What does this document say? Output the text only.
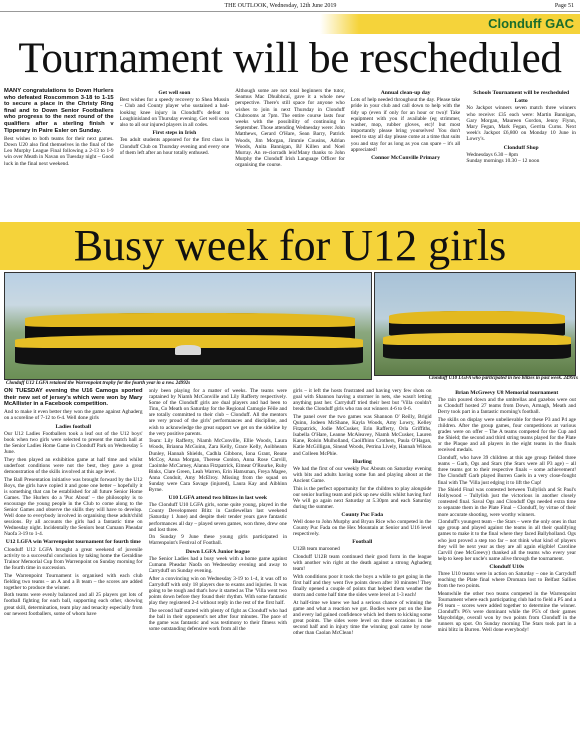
THE OUTLOOK, Wednesday, 12th June 2019	Page 51
Clonduff GAC
Tournament will be rescheduled

MANY congratulations to Down Hurlers who defeated Roscommon 3-18 to 1-15 to secure a place in the Christy Ring final and to Down Senior Footballers who progress to the next round of the qualifiers after a sterling finish v Tipperary in Paire Esler on Sunday.

Best wishes to both teams for their next games. Down U20 also find themselves in the final of the Leo Murphy League Final following a 2-13 to 1-9 win over Meath in Navan on Tuesday night – Good luck in the final next weekend.

Get well soon

Best wishes for a speedy recovery to Shea Mussin – Club and County player who sustained a bad-looking knee injury in Clonduff's defeat to Loughinisland on Thursday evening. Get well soon also to all our injured players in all codes.

First steps in Irish

Ten adult students appeared for the first class in Clonduff Club on Thursday evening and every one of them left after an hour totally enthused.

Although some are not total beginners the tutor, Seamus Mac Dhuibhcaí, gave it a whole new perspective. There's still space for anyone who wishes to join in next Thursday in Clonduff Clubrooms at 7pm. The entire course lasts four weeks with the possibility of continuing in September. Those attending Wednesday were: John Matthews, Gerard O'Hare, Sean Barry, Patrick Woods, Jim Morgan, Jimmie Cousins, Adrian Woods, Anita Bannigan, BJ Killen and Noel Murray. An re-ciorradh leis!Many thanks to John Murphy the Clonduff Irish Language Officer for organising the course.

Annual clean-up day

Lots of help needed throughout the day. Please take pride in your club and call down to help with the tidy up (even if only for an hour or two)! Take equipment with you if available (eg strimmer, washer, mop, rubber gloves, etc)! but most importantly please bring yourselves! You don't need to stay all day please come at a time that suits you and stay for as long as you can spare – it's all appreciated!

Connor McConville Primary
Schools Tournament will be rescheduled
Lotto

No Jackpot winners seven match three winners who receive: £35 each were: Martin Bannigan, Gary Morgan, Maureen Gordon, Jenny Flynn, Mary Fegan, Mark Fegan, Gerrita Curns. Next week's Jackpot £6,800 on Monday 10 June in Lowry's.

Clonduff Shop

Wednesdays 6.30 – 8pm
Sunday mornings 10.30 – 12 noon

Busy week for U12 girls
Clonduff U10 LGFA who participated in two blitzes in past week. 24991s
Clonduff U12 LGFA retained the Warrenpoint trophy for the fourth year in a row. 24992s

ON TUESDAY evening the U16 Camogs sported their new set of jersey's which were won by Mary McAllister in a Facebook competition.

And to make it even better they won the game against Aghaderg on a scoreline of 7-12 to 6-4. Well done girls

Ladies football

Our U12 Ladies Footballers took a leaf out of the U12 boys' book when two girls were selected to present the match ball at the Senior Ladies Home Game in Clonduff Park on Wednesday 5 June.

They then played an exhibition game at half time and whilst underfoot conditions were not the best, they gave a great demonstration of the skills involved at this age level.

The Ball Presentation initiative was brought forward by the U12 Boys, the girls have copied it and gone one better – hopefully it is something that can be established for all future Senior Home Games. The Hurlers do a 'Puc About' – the philosophy is to encourage the young people in the Club to come along to the Senior Games and observe the skills they will have to develop. Well done to everybody involved in organising these adult/child sessions. By all accounts the girls had a fantastic time on Wednesday night. Incidentally the Seniors beat Cumann Pheadar Naofa 3-19 to 1-4.

U12 LGFA win Warrenpoint tournament for fourth time

Clonduff U12 LGFA brought a great weekend of juvenile activity to a successful conclusion by taking home the Geraldine Trainor Memorial Cup from Warrenpoint on Sunday morning for the fourth time in succession.

The Warrenpoint Tournament is organised with each club fielding two teams – an A and a B team – the scores are added together to produce the winner.

Both teams were evenly balanced and all 25 players got lots of football fighting for each ball, supporting each other, showing great skill, determination, team play and tenacity especially from our newest footballers, some of whom have

only been playing for a matter of weeks. The teams were captained by Niamh McConville and Lily Rafferty respectively. Some of the Clonduff girls are dual players and had been to Tinn, Co Meath on Saturday for the Regional Camogie Féile and are totally committed to their club – Clonduff. All the mentors are very proud of the girls' performances and discipline, and wish to acknowledge the great support we get on the sideline by the very positive parents.

Team: Lily Rafferty, Niamh McConville, Ellie Woods, Laura Woods, Brianna McGuinn, Zara Kelly, Grace Kelly, Aoibheann Dunley, Hannah Shields, Cadhla Gibbons, Iona Grant, Reane McCoy, Anna Morgan, Therese Conlon, Anna Rose Carvill, Caoimhe McCarney, Alanna Fitzpatrick, Eimear O'Rourke, Ruby Binks, Clare Green, Leah Warren, Erin Hamsman, Freya Magee, Anna Conduit, Amy McElroy. Missing from the squad on Sunday were Cara Savage (injured), Laura Kay and Aibhinn Byrne.

U10 LGFA attend two blitzes in last week

The Clonduff U10 LGFA girls, some quite young, played in the County Development Blitz in Castlewellan last weekend (Saturday 1 June) and despite their tender years gave fantastic performances all day – played seven games, won three, drew one and lost three.

On Sunday 9 June these young girls participated in Warrenpoint's Festival of Football.

Down LGFA Junior league

The Senior Ladies had a busy week with a home game against Cumann Pheadar Naofa on Wednesday evening and away to Carryduff on Sunday evening.

After a convincing win on Wednesday 3-19 to 1-4, it was off to Carryduff with only 18 players due to exams and injuries. It was going to be tough and that's how it started as The 'Villa went two points down before they found their rhythm. With some fantastic play they registered 2-4 without reply in the rest of the first half.

The second half started with plenty of fight as Clonduff who had the ball in their opponent's net after four minutes. The pace of the game was fantastic and was testimony to their fitness with some outstanding defensive work from all the

girls – it left the hosts frustrated and having very few shots on goal with Shannon having a stormer in nets, she wasn't letting anything past her. Carryduff tried their best but 'Villa couldn't break the Clonduff girls who ran out winners 4-6 to 0-6.

The panel over the two games was Shannon O' Reilly, Brigid Quinn, Jodeen McShane, Kayla Woods, Amy Lowry, Kelley Fitzpatrick, Jodie McCusker, Erin Rafferty, Orla Griffiths, Isabella O'Hare, Leanne McAleavey, Niamh McCusker, Lauren Kane, Roisin Mulholland, Caoilfhinn Crothers, Paula O'Hagan, Katie McGilligan, Sinead Woods, Petrina Lively, Hannah Wilson and Colleen McPhie.

Hurling

We had the first of our weekly Puc Abouts on Saturday evening with bits and adults having some fun and playing about at the Ancient Game.

This is the perfect opportunity for the children to play alongside our senior hurling team and pick up new skills whilst having fun! We will go again next Saturday at 5.30pm and each Saturday during the summer.

County Puc Fada

Well done to John Murphy and Bryan Rice who competed in the County Puc Fada on the Hex Mountain at Senior and U16 level respectively.

Football

U12B team marooned

Clonduff U12B team continued their good form in the league with another win right at the death against a strong Aghaderg team!

With conditions poor it took the boys a while to get going in the first half and they went five points down after 10 minutes! They finally opened a couple of points that helped them weather the storm and come half time the sides were level at 1-3 each!

At half-time we knew we had a serious chance of winning the game and what a reaction we got. Bodies were put on the line and every lad gained confidence which led them to kicking some great points. The sides were level on three occasions in the second half and in injury time the winning goal came by none other than Caolan McClean!

Brian McGreevy U8 Memorial tournament

The rain poured down and the umbrellas and gazebos were out as Clonduff hosted 27 teams from Down, Armagh, Meath and Derry took part in a fantastic morning's football.

The skills on display were unbelievable for these P3 and P4 age children. After the group games, four competitions at various grades were on offer – The A teams competed for the Cup and the Shield; the second and third string teams played for the Plate or the Plaque and all players in the eight teams in the finals received medals.

Clonduff, who have 39 children at this age group fielded three teams – Garb, Ogs and Stars (the Stars were all P3 age) – all three teams got to their respective finals – some achievement! The Clonduff Garb played Burren Gaels in a very close-fought final with The 'Villa just edging it to lift the Cup!

The Shield Final was contested between Tullylish and St Paul's Hollywood – Tullylish just the victorious in another closely contested final. Saval Ogs and Clonduff Ogs needed extra time to separate them in the Plate Final – Clonduff, by virtue of their more accurate shooting, were worthy winners.

Clonduff's youngest team – the Stars – were the only ones in that age group and played against the teams in all their qualifying games to make it to the final where they faced Ballyholland. Ogs who just proved a step too far – not think what kind of players they will be next year as they are all again eligible! Caroline Carvill (nee McGreevy) thanked all the teams who every year help to keep her uncle's name alive through the tournament.

Clonduff U10s

Three U10 teams were in action on Saturday – one in Carryduff reaching the Plate final where Dromara lost to Belfast Sallies from the two points.

Meanwhile the other two teams competed in the Warrenpoint Tournament where each participating club had to field a P5 and a P6 team – scores were added together to determine the winner. Clonduff's P6's were dominant while the P5's of their games Mayobridge, overall won by two points from Clonduff in the runners up spot. On Sunday morning The Stars took part in a mini blitz in Burren. Well done everybody!
